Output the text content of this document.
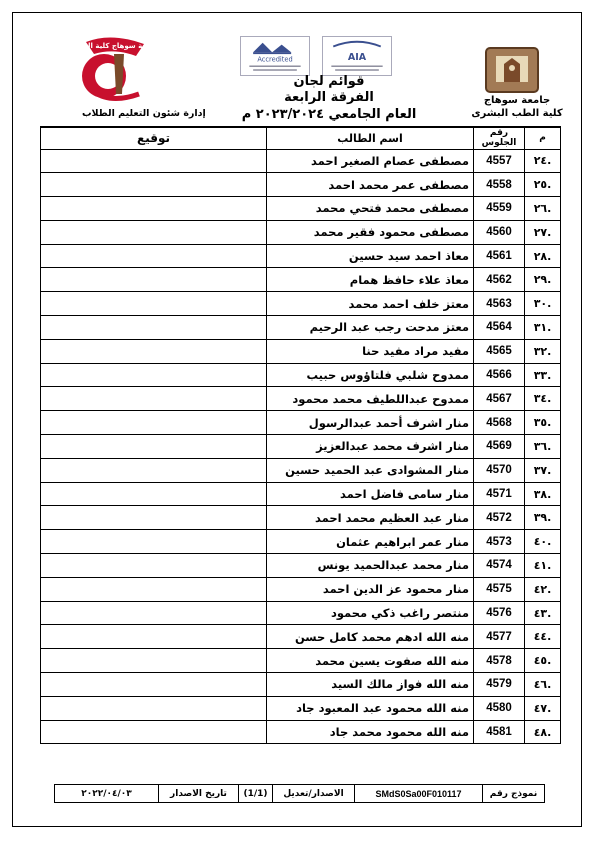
جامعة سوهاج كلية الطب
إدارة شئون التعليم الطلاب
Accredited	AIA
قوائم لجان
الفرقة الرابعة
العام الجامعي ٢٠٢٣/٢٠٢٤ م
جامعة سوهاج
كلية الطب البشرى
م	رقم الجلوس	اسم الطالب	توقيع
.٢٤	4557	مصطفى عصام الصغير احمد	
.٢٥	4558	مصطفى عمر محمد احمد	
.٢٦	4559	مصطفى محمد فتحي محمد	
.٢٧	4560	مصطفى محمود فقير محمد	
.٢٨	4561	معاذ احمد سيد حسين	
.٢٩	4562	معاذ علاء حافظ همام	
.٣٠	4563	معتز خلف احمد محمد	
.٣١	4564	معتز مدحت رجب عبد الرحيم	
.٣٢	4565	مفيد مراد مفيد حنا	
.٣٣	4566	ممدوح شلبي فلتاؤوس حبيب	
.٣٤	4567	ممدوح عبداللطيف محمد محمود	
.٣٥	4568	منار اشرف أحمد عبدالرسول	
.٣٦	4569	منار اشرف محمد عبدالعزيز	
.٣٧	4570	منار المشوادى عبد الحميد حسين	
.٣٨	4571	منار سامى فاضل احمد	
.٣٩	4572	منار عبد العظيم محمد احمد	
.٤٠	4573	منار عمر ابراهيم عثمان	
.٤١	4574	منار محمد عبدالحميد يونس	
.٤٢	4575	منار محمود عز الدين احمد	
.٤٣	4576	منتصر راغب ذكي محمود	
.٤٤	4577	منه الله ادهم محمد كامل حسن	
.٤٥	4578	منه الله صفوت يسين محمد	
.٤٦	4579	منه الله فواز مالك السيد	
.٤٧	4580	منه الله محمود عبد المعبود جاد	
.٤٨	4581	منه الله محمود محمد جاد	
نموذج رقم	SMdS0Sa00F010117	الاصدار/تعديل	(1/1)	تاريخ الاصدار	٢٠٢٢/٠٤/٠٣
